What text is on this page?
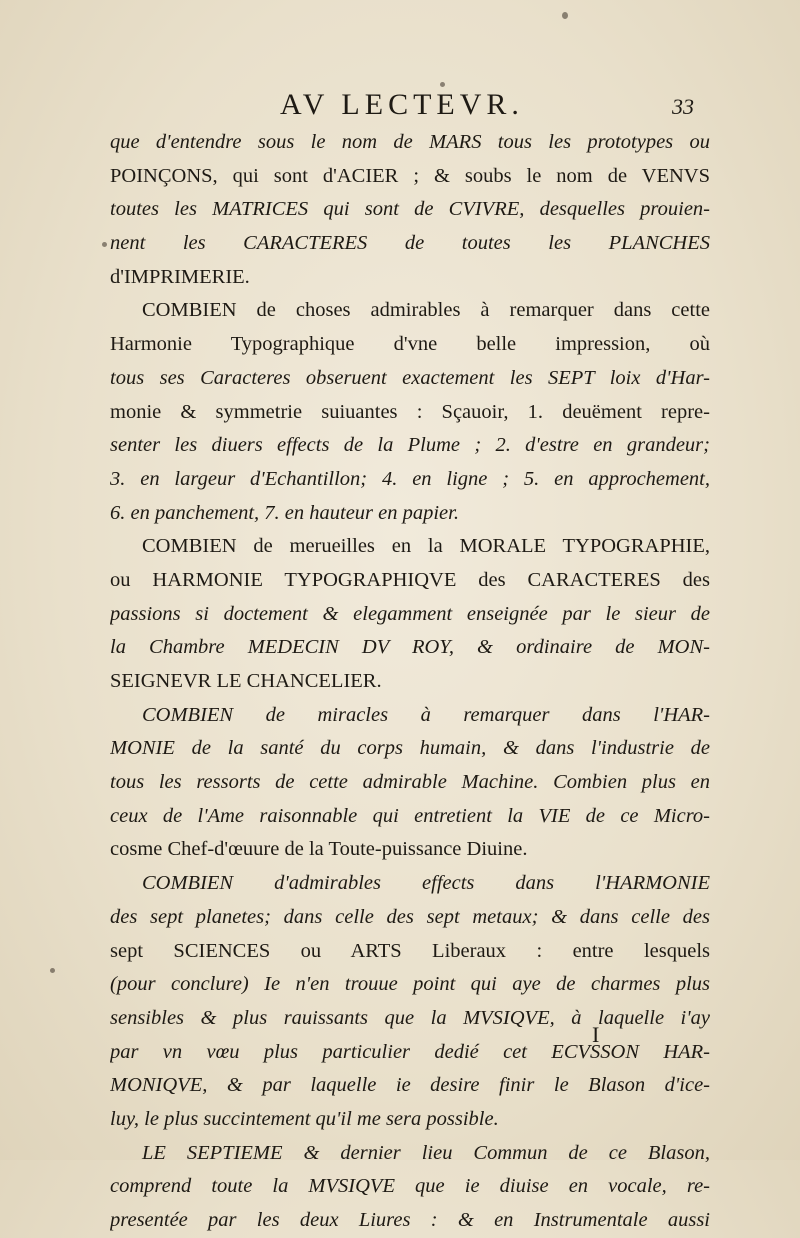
AV LECTEVR.	33
que d'entendre sous le nom de MARS tous les prototypes ou
POINÇONS, qui sont d'ACIER ; & soubs le nom de VENVS
toutes les MATRICES qui sont de CVIVRE, desquelles prouien-
nent les CARACTERES de toutes les PLANCHES
d'IMPRIMERIE.
COMBIEN de choses admirables à remarquer dans cette
Harmonie Typographique d'vne belle impression, où
tous ses Caracteres obseruent exactement les SEPT loix d'Har-
monie & symmetrie suiuantes : Sçauoir, 1. deuëment repre-
senter les diuers effects de la Plume ; 2. d'estre en grandeur;
3. en largeur d'Echantillon; 4. en ligne ; 5. en approchement,
6. en panchement, 7. en hauteur en papier.
COMBIEN de merueilles en la MORALE TYPOGRAPHIE,
ou HARMONIE TYPOGRAPHIQVE des CARACTERES des
passions si doctement & elegamment enseignée par le sieur de
la Chambre MEDECIN DV ROY, & ordinaire de MON-
SEIGNEVR LE CHANCELIER.
COMBIEN de miracles à remarquer dans l'HAR-
MONIE de la santé du corps humain, & dans l'industrie de
tous les ressorts de cette admirable Machine. Combien plus en
ceux de l'Ame raisonnable qui entretient la VIE de ce Micro-
cosme Chef-d'œuure de la Toute-puissance Diuine.
COMBIEN d'admirables effects dans l'HARMONIE
des sept planetes; dans celle des sept metaux; & dans celle des
sept SCIENCES ou ARTS Liberaux : entre lesquels
(pour conclure) Ie n'en trouue point qui aye de charmes plus
sensibles & plus rauissants que la MVSIQVE, à laquelle i'ay
par vn vœu plus particulier dedié cet ECVSSON HAR-
MONIQVE, & par laquelle ie desire finir le Blason d'ice-
luy, le plus succintement qu'il me sera possible.
LE SEPTIEME & dernier lieu Commun de ce Blason,
comprend toute la MVSIQVE que ie diuise en vocale, re-
presentée par les deux Liures : & en Instrumentale aussi
I
